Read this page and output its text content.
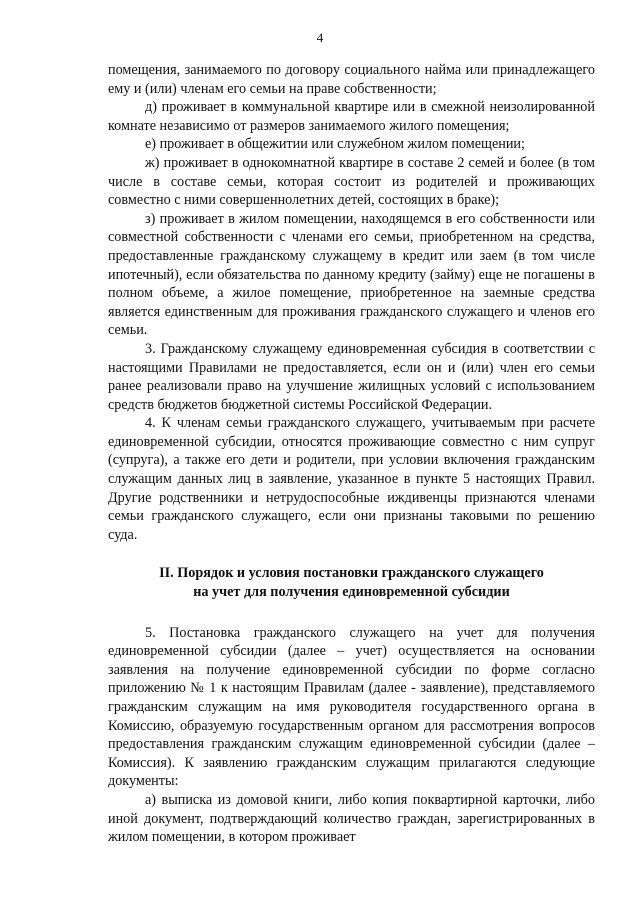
4

помещения, занимаемого по договору социального найма или принадлежащего ему и (или) членам его семьи на праве собственности;

д) проживает в коммунальной квартире или в смежной неизолированной комнате независимо от размеров занимаемого жилого помещения;

е) проживает в общежитии или служебном жилом помещении;

ж) проживает в однокомнатной квартире в составе 2 семей и более (в том числе в составе семьи, которая состоит из родителей и проживающих совместно с ними совершеннолетних детей, состоящих в браке);

з) проживает в жилом помещении, находящемся в его собственности или совместной собственности с членами его семьи, приобретенном на средства, предоставленные гражданскому служащему в кредит или заем (в том числе ипотечный), если обязательства по данному кредиту (займу) еще не погашены в полном объеме, а жилое помещение, приобретенное на заемные средства является единственным для проживания гражданского служащего и членов его семьи.

3. Гражданскому служащему единовременная субсидия в соответствии с настоящими Правилами не предоставляется, если он и (или) член его семьи ранее реализовали право на улучшение жилищных условий с использованием средств бюджетов бюджетной системы Российской Федерации.

4. К членам семьи гражданского служащего, учитываемым при расчете единовременной субсидии, относятся проживающие совместно с ним супруг (супруга), а также его дети и родители, при условии включения гражданским служащим данных лиц в заявление, указанное в пункте 5 настоящих Правил. Другие родственники и нетрудоспособные иждивенцы признаются членами семьи гражданского служащего, если они признаны таковыми по решению суда.

II. Порядок и условия постановки гражданского служащего
на учет для получения единовременной субсидии

5. Постановка гражданского служащего на учет для получения единовременной субсидии (далее – учет) осуществляется на основании заявления на получение единовременной субсидии по форме согласно приложению № 1 к настоящим Правилам (далее - заявление), представляемого гражданским служащим на имя руководителя государственного органа в Комиссию, образуемую государственным органом для рассмотрения вопросов предоставления гражданским служащим единовременной субсидии (далее – Комиссия). К заявлению гражданским служащим прилагаются следующие документы:

а) выписка из домовой книги, либо копия поквартирной карточки, либо иной документ, подтверждающий количество граждан, зарегистрированных в жилом помещении, в котором проживает
